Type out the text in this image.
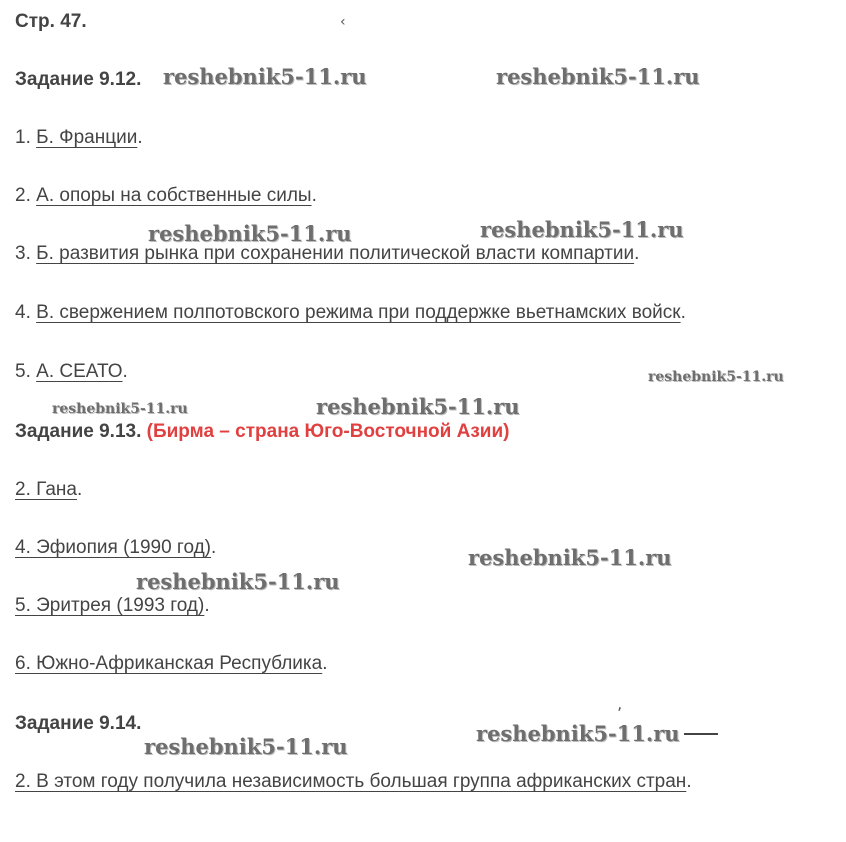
Стр. 47.	‹
Задание 9.12.
1. Б. Франции.
2. А. опоры на собственные силы.
3. Б. развития рынка при сохранении политической власти компартии.
4. В. свержением полпотовского режима при поддержке вьетнамских войск.
5. А. СЕАТО.
Задание 9.13. (Бирма – страна Юго-Восточной Азии)
2. Гана.
4. Эфиопия (1990 год).
5. Эритрея (1993 год).
6. Южно-Африканская Республика.
Задание 9.14.
2. В этом году получила независимость большая группа африканских стран.
reshebnik5-11.ru	reshebnik5-11.ru
reshebnik5-11.ru	reshebnik5-11.ru
reshebnik5-11.ru
reshebnik5-11.ru	reshebnik5-11.ru
reshebnik5-11.ru
reshebnik5-11.ru
reshebnik5-11.ru
reshebnik5-11.ru
ʼ
